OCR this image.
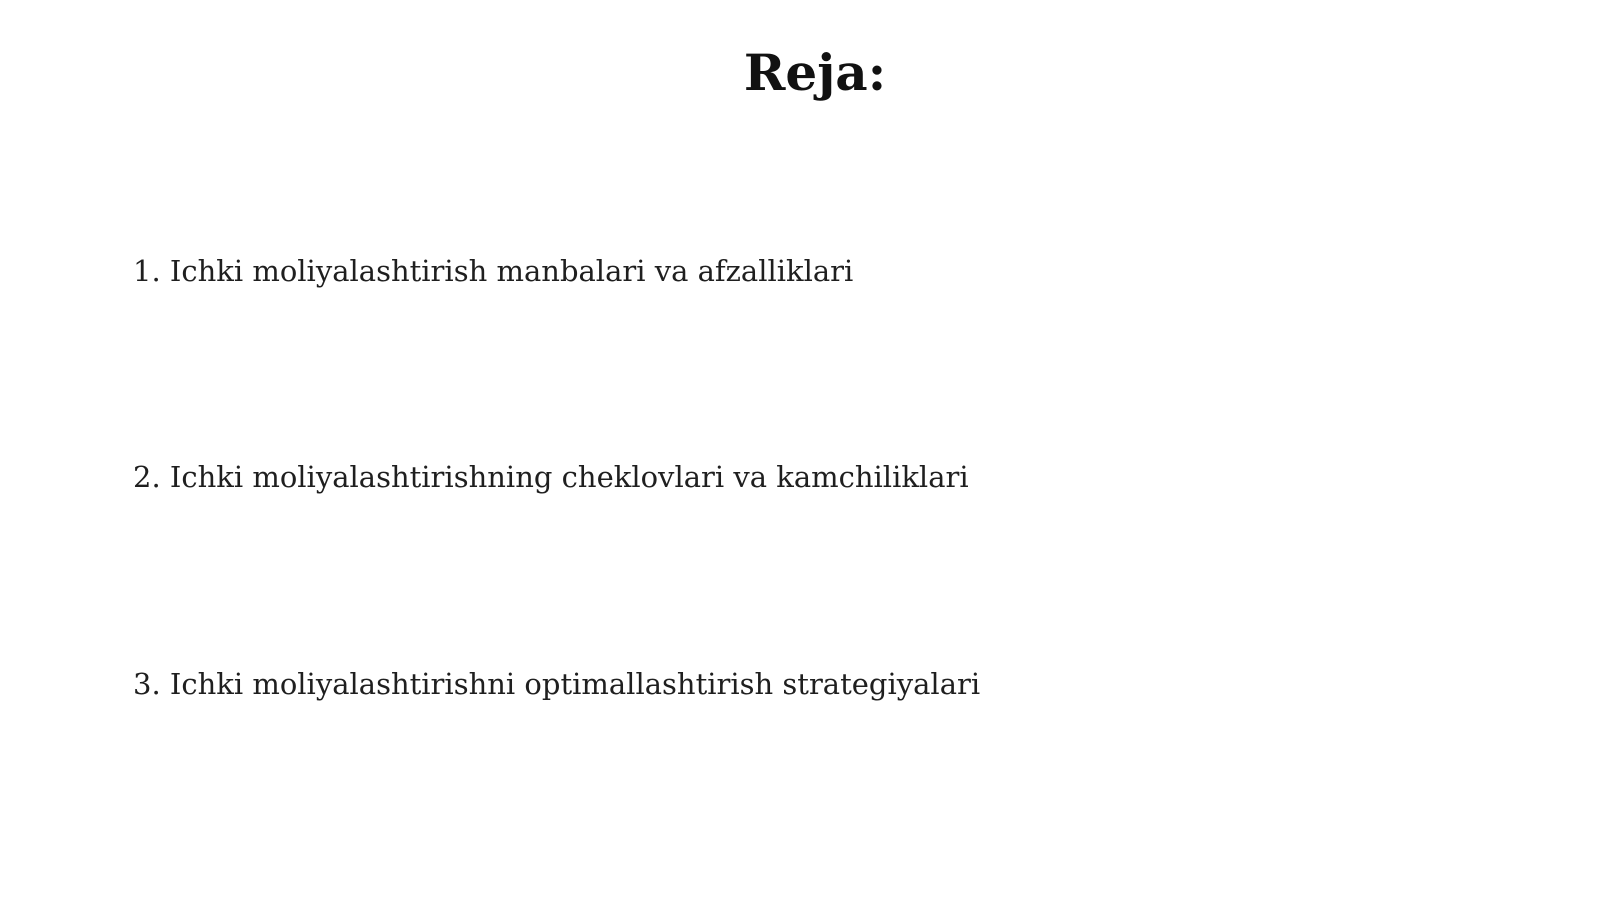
Reja:
1. Ichki moliyalashtirish manbalari va afzalliklari
2. Ichki moliyalashtirishning cheklovlari va kamchiliklari
3. Ichki moliyalashtirishni optimallashtirish strategiyalari
